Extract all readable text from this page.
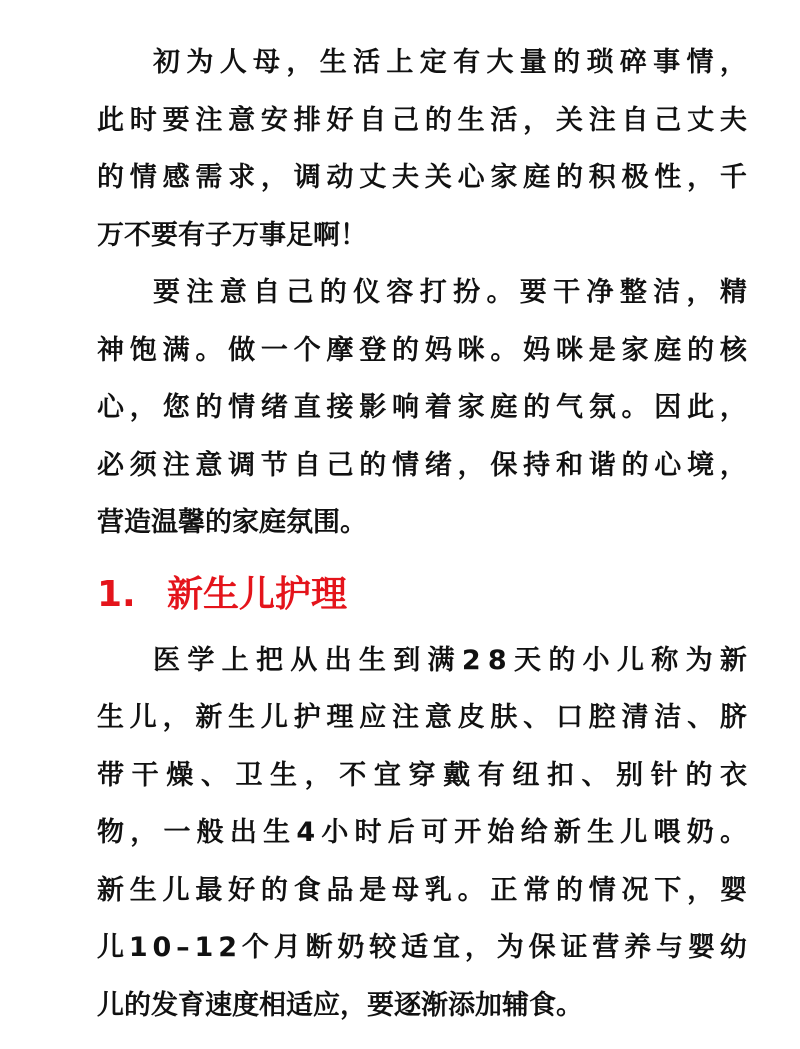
初 为 人 母 ， 生 活 上 定 有 大 量 的 琐 碎 事 情 ，
此 时 要 注 意 安 排 好 自 己 的 生 活 ， 关 注 自 己 丈 夫
的 情 感 需 求 ， 调 动 丈 夫 关 心 家 庭 的 积 极 性 ， 千
万不要有子万事足啊！
要 注 意 自 己 的 仪 容 打 扮 。 要 干 净 整 洁 ， 精
神 饱 满 。 做 一 个 摩 登 的 妈 咪 。 妈 咪 是 家 庭 的 核
心 ， 您 的 情 绪 直 接 影 响 着 家 庭 的 气 氛 。 因 此 ，
必 须 注 意 调 节 自 己 的 情 绪 ， 保 持 和 谐 的 心 境 ，
营造温馨的家庭氛围。
1. 新生儿护理
医 学 上 把 从 出 生 到 满 2 8 天 的 小 儿 称 为 新
生 儿 ， 新 生 儿 护 理 应 注 意 皮 肤 、 口 腔 清 洁 、 脐
带 干 燥 、 卫 生 ， 不 宜 穿 戴 有 纽 扣 、 别 针 的 衣
物 ， 一 般 出 生 4 小 时 后 可 开 始 给 新 生 儿 喂 奶 。
新 生 儿 最 好 的 食 品 是 母 乳 。 正 常 的 情 况 下 ， 婴
儿 1 0 – 1 2 个 月 断 奶 较 适 宜 ， 为 保 证 营 养 与 婴 幼
儿的发育速度相适应，要逐渐添加辅食。
